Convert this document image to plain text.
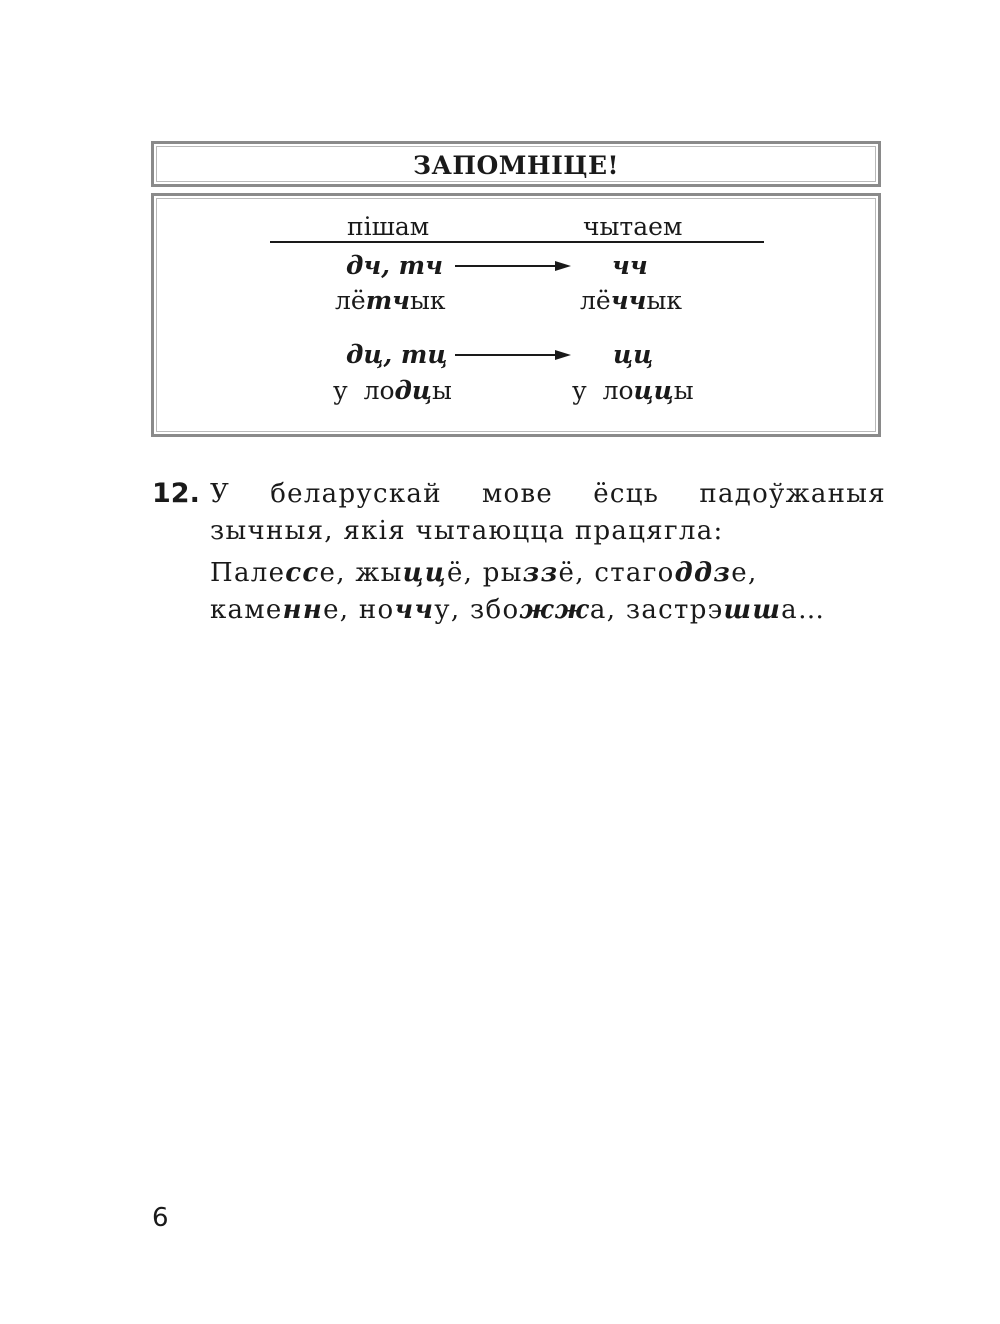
ЗАПОМНІЦЕ!
пішам	чытаем
дч, тч	чч
лётчык	лёччык
дц, тц	цц
у  лодцы	у  лоццы
12. У беларускай мове ёсць падоўжаныя зычныя, якія чытаюцца працягла:
Палессе, жыццё, рыззё, стагоддзе, каменне, ноччу, збожжа, застрэшша…
6
